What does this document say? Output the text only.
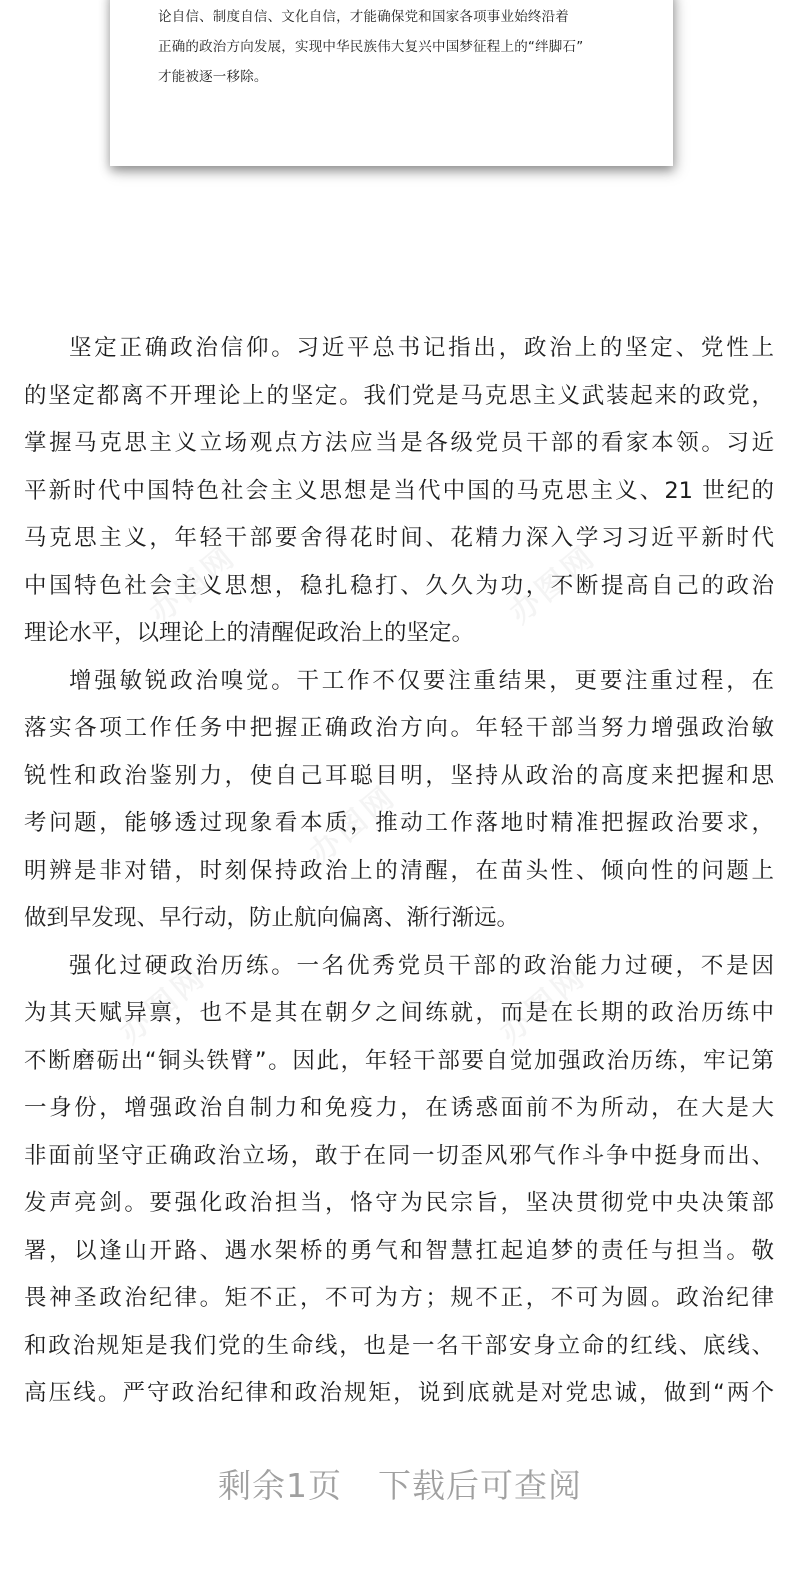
论自信、制度自信、文化自信，才能确保党和国家各项事业始终沿着
正确的政治方向发展，实现中华民族伟大复兴中国梦征程上的“绊脚石”
才能被逐一移除。

坚定正确政治信仰。习近平总书记指出，政治上的坚定、党性上
的坚定都离不开理论上的坚定。我们党是马克思主义武装起来的政党，
掌握马克思主义立场观点方法应当是各级党员干部的看家本领。习近
平新时代中国特色社会主义思想是当代中国的马克思主义、21 世纪的
马克思主义，年轻干部要舍得花时间、花精力深入学习习近平新时代
中国特色社会主义思想，稳扎稳打、久久为功，不断提高自己的政治
理论水平，以理论上的清醒促政治上的坚定。

增强敏锐政治嗅觉。干工作不仅要注重结果，更要注重过程，在
落实各项工作任务中把握正确政治方向。年轻干部当努力增强政治敏
锐性和政治鉴别力，使自己耳聪目明，坚持从政治的高度来把握和思
考问题，能够透过现象看本质，推动工作落地时精准把握政治要求，
明辨是非对错，时刻保持政治上的清醒，在苗头性、倾向性的问题上
做到早发现、早行动，防止航向偏离、渐行渐远。

强化过硬政治历练。一名优秀党员干部的政治能力过硬，不是因
为其天赋异禀，也不是其在朝夕之间练就，而是在长期的政治历练中
不断磨砺出“铜头铁臂”。因此，年轻干部要自觉加强政治历练，牢记第
一身份，增强政治自制力和免疫力，在诱惑面前不为所动，在大是大
非面前坚守正确政治立场，敢于在同一切歪风邪气作斗争中挺身而出、
发声亮剑。要强化政治担当，恪守为民宗旨，坚决贯彻党中央决策部
署，以逢山开路、遇水架桥的勇气和智慧扛起追梦的责任与担当。敬
畏神圣政治纪律。矩不正，不可为方；规不正，不可为圆。政治纪律
和政治规矩是我们党的生命线，也是一名干部安身立命的红线、底线、
高压线。严守政治纪律和政治规矩，说到底就是对党忠诚，做到“两个

剩余1页 下载后可查阅
